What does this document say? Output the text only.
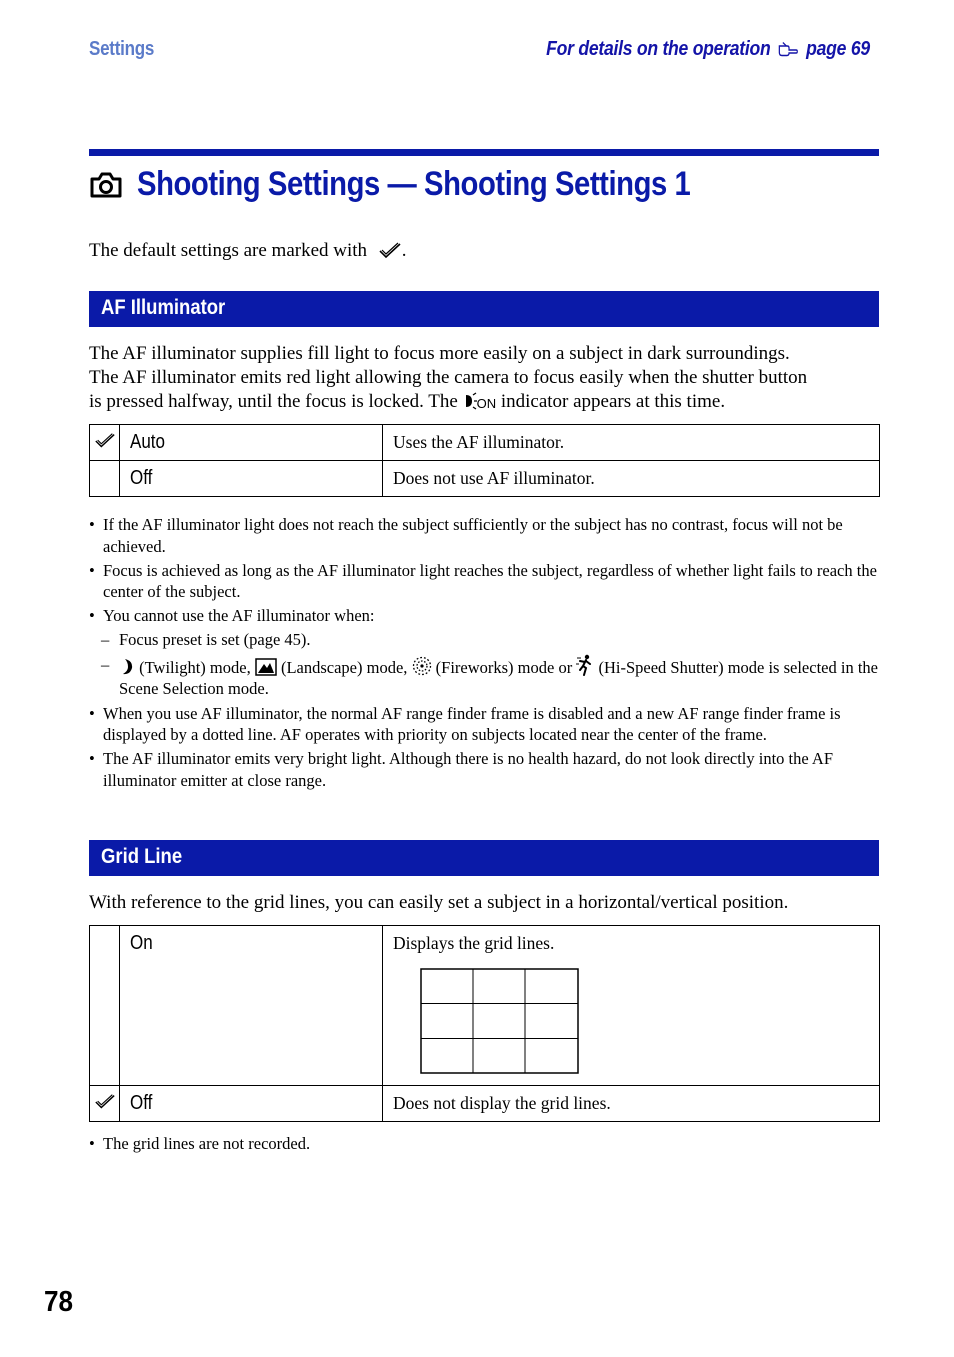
Settings	For details on the operation page 69
Shooting Settings — Shooting Settings 1
The default settings are marked with .
AF Illuminator
The AF illuminator supplies fill light to focus more easily on a subject in dark surroundings.
The AF illuminator emits red light allowing the camera to focus easily when the shutter button
is pressed halfway, until the focus is locked. The ON indicator appears at this time.
	Auto	Uses the AF illuminator.
	Off	Does not use AF illuminator.
• If the AF illuminator light does not reach the subject sufficiently or the subject has no contrast, focus will not be achieved.
• Focus is achieved as long as the AF illuminator light reaches the subject, regardless of whether light fails to reach the center of the subject.
• You cannot use the AF illuminator when:
– Focus preset is set (page 45).
– (Twilight) mode, (Landscape) mode, (Fireworks) mode or (Hi-Speed Shutter) mode is selected in the Scene Selection mode.
• When you use AF illuminator, the normal AF range finder frame is disabled and a new AF range finder frame is displayed by a dotted line. AF operates with priority on subjects located near the center of the frame.
• The AF illuminator emits very bright light. Although there is no health hazard, do not look directly into the AF illuminator emitter at close range.
Grid Line
With reference to the grid lines, you can easily set a subject in a horizontal/vertical position.
	On	Displays the grid lines.

	Off	Does not display the grid lines.
• The grid lines are not recorded.
78
